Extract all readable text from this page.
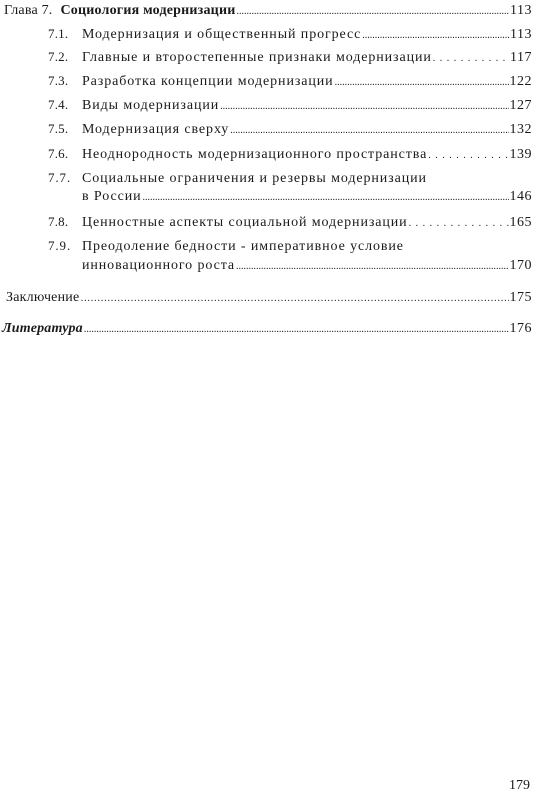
Глава 7. Социология модернизации .....	113
7.1. Модернизация и общественный прогресс .....	113
7.2. Главные и второстепенные признаки модернизации . . .	117
7.3. Разработка концепции модернизации .....	122
7.4. Виды модернизации .....	127
7.5. Модернизация сверху .....	132
7.6. Неоднородность модернизационного пространства . . .	139
7.7. Социальные ограничения и резервы модернизации
в России .....	146
7.8. Ценностные аспекты социальной модернизации . . .	165
7.9. Преодоление бедности - императивное условие
инновационного роста .....	170
Заключение …………………………………………………………………………………………………………………………	175
Литература .....	176
179
